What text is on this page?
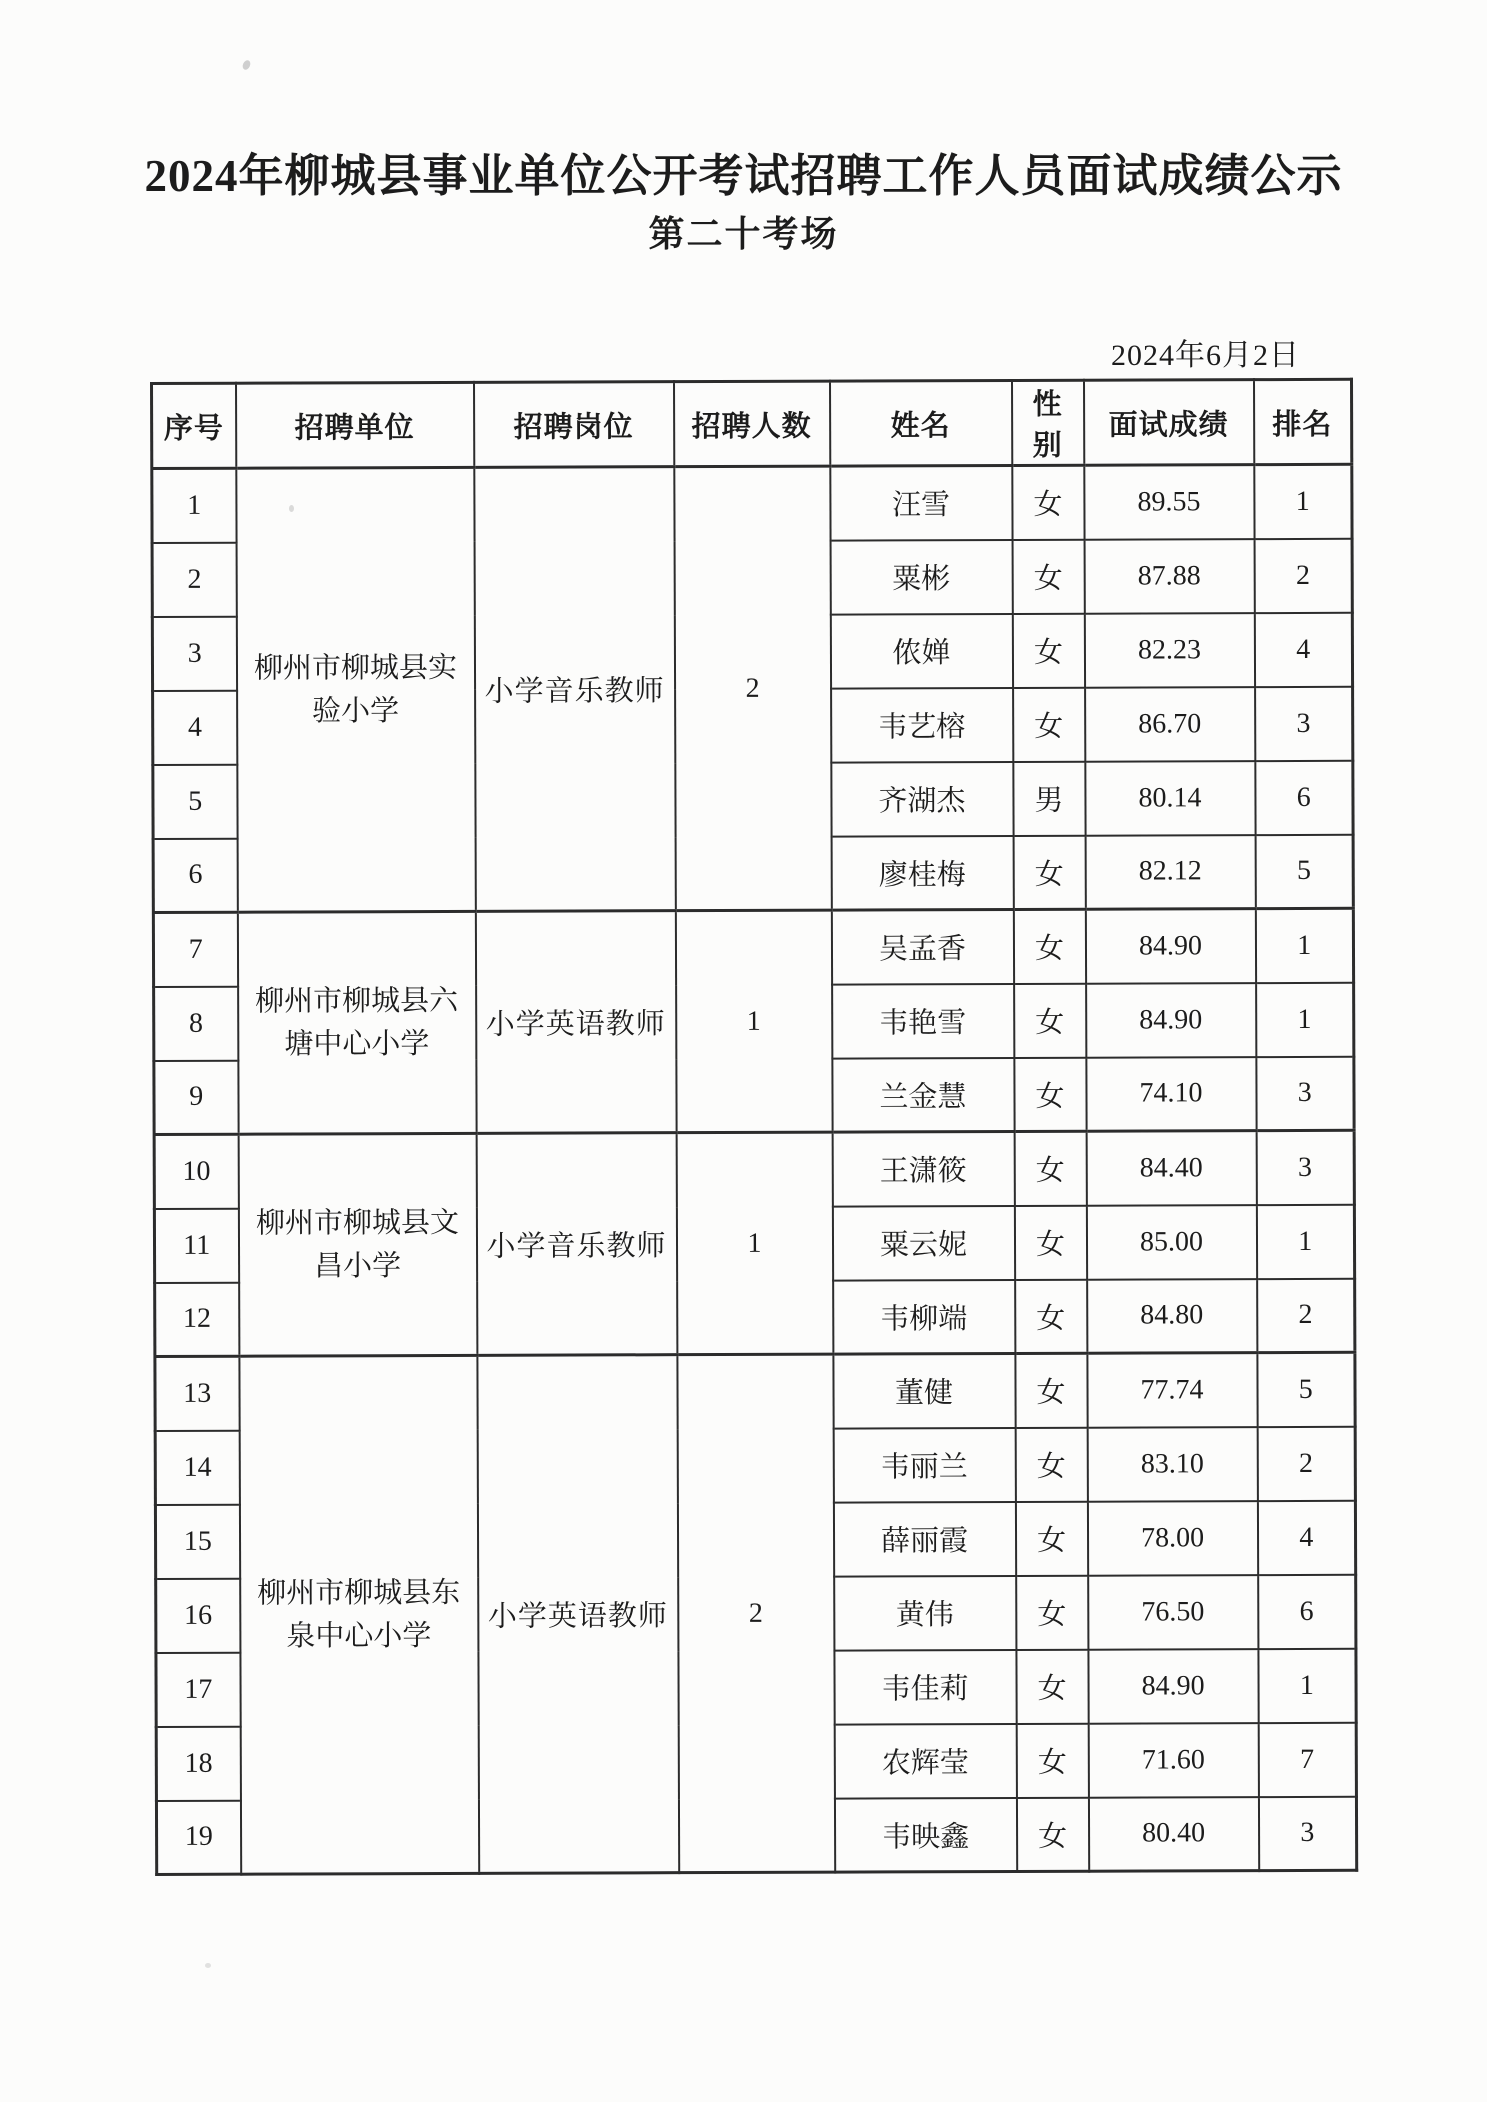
2024年柳城县事业单位公开考试招聘工作人员面试成绩公示
第二十考场
2024年6月2日
序号	招聘单位	招聘岗位	招聘人数	姓名	性别	面试成绩	排名
1	柳州市柳城县实验小学	小学音乐教师	2	汪雪	女	89.55	1
2				粟彬	女	87.88	2
3				侬婵	女	82.23	4
4				韦艺榕	女	86.70	3
5				齐湖杰	男	80.14	6
6				廖桂梅	女	82.12	5
7	柳州市柳城县六塘中心小学	小学英语教师	1	吴孟香	女	84.90	1
8				韦艳雪	女	84.90	1
9				兰金慧	女	74.10	3
10	柳州市柳城县文昌小学	小学音乐教师	1	王潇筱	女	84.40	3
11				粟云妮	女	85.00	1
12				韦柳端	女	84.80	2
13	柳州市柳城县东泉中心小学	小学英语教师	2	董健	女	77.74	5
14				韦丽兰	女	83.10	2
15				薛丽霞	女	78.00	4
16				黄伟	女	76.50	6
17				韦佳莉	女	84.90	1
18				农辉莹	女	71.60	7
19				韦映鑫	女	80.40	3
